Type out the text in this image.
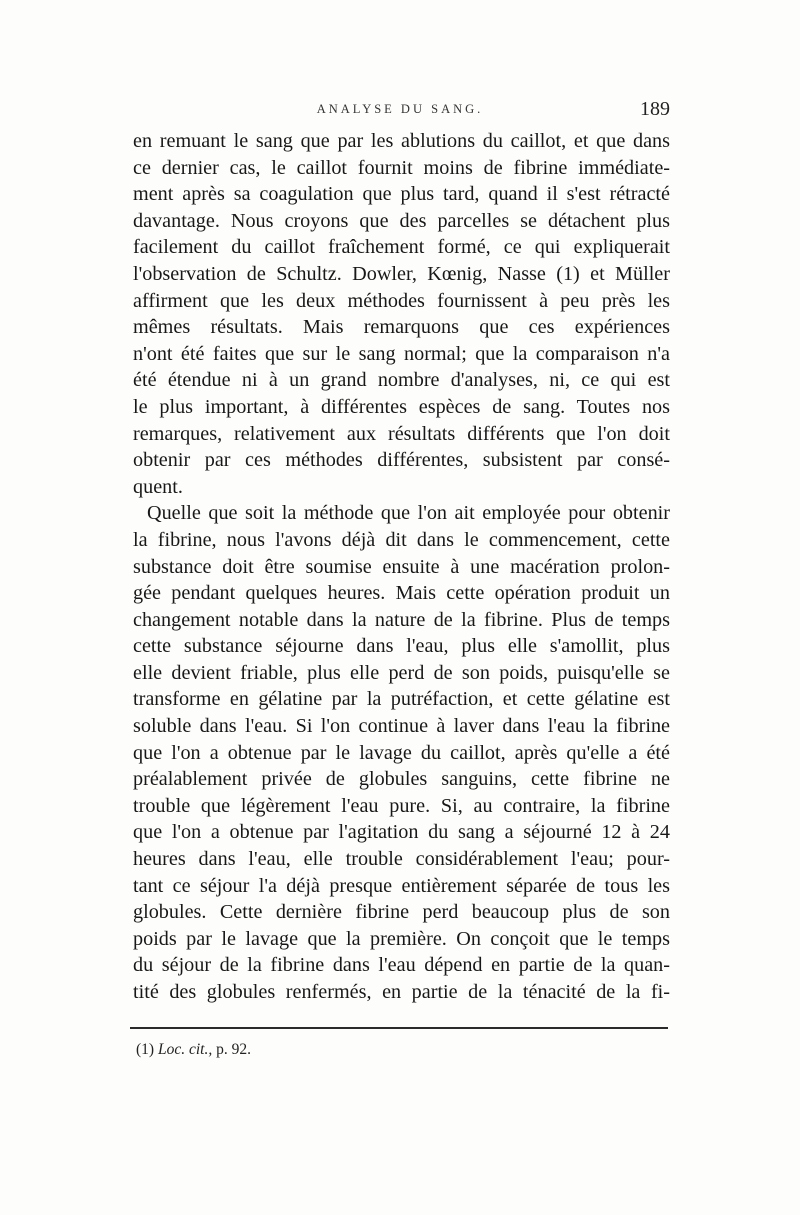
ANALYSE DU SANG.	189
en remuant le sang que par les ablutions du caillot, et que dans
ce dernier cas, le caillot fournit moins de fibrine immédiate-
ment après sa coagulation que plus tard, quand il s'est rétracté
davantage. Nous croyons que des parcelles se détachent plus
facilement du caillot fraîchement formé, ce qui expliquerait
l'observation de Schultz. Dowler, Kœnig, Nasse (1) et Müller
affirment que les deux méthodes fournissent à peu près les
mêmes résultats. Mais remarquons que ces expériences
n'ont été faites que sur le sang normal; que la comparaison n'a
été étendue ni à un grand nombre d'analyses, ni, ce qui est
le plus important, à différentes espèces de sang. Toutes nos
remarques, relativement aux résultats différents que l'on doit
obtenir par ces méthodes différentes, subsistent par consé-
quent.
Quelle que soit la méthode que l'on ait employée pour obtenir
la fibrine, nous l'avons déjà dit dans le commencement, cette
substance doit être soumise ensuite à une macération prolon-
gée pendant quelques heures. Mais cette opération produit un
changement notable dans la nature de la fibrine. Plus de temps
cette substance séjourne dans l'eau, plus elle s'amollit, plus
elle devient friable, plus elle perd de son poids, puisqu'elle se
transforme en gélatine par la putréfaction, et cette gélatine est
soluble dans l'eau. Si l'on continue à laver dans l'eau la fibrine
que l'on a obtenue par le lavage du caillot, après qu'elle a été
préalablement privée de globules sanguins, cette fibrine ne
trouble que légèrement l'eau pure. Si, au contraire, la fibrine
que l'on a obtenue par l'agitation du sang a séjourné 12 à 24
heures dans l'eau, elle trouble considérablement l'eau; pour-
tant ce séjour l'a déjà presque entièrement séparée de tous les
globules. Cette dernière fibrine perd beaucoup plus de son
poids par le lavage que la première. On conçoit que le temps
du séjour de la fibrine dans l'eau dépend en partie de la quan-
tité des globules renfermés, en partie de la ténacité de la fi-
(1) Loc. cit., p. 92.
